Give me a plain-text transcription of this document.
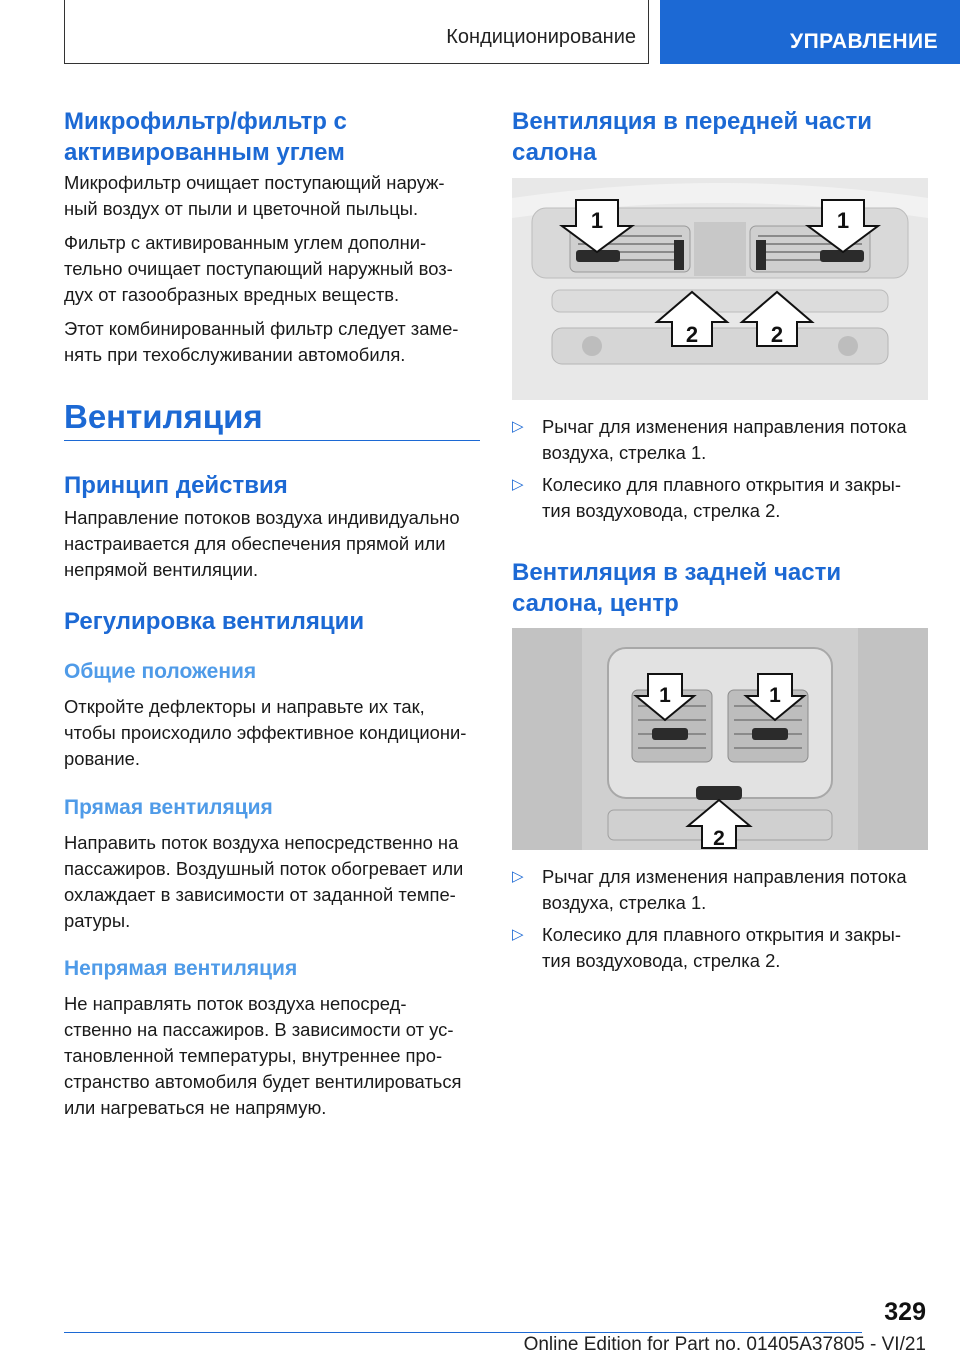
Кондиционирование	УПРАВЛЕНИЕ
Микрофильтр/фильтр с
активированным углем

Микрофильтр очищает поступающий наруж-
ный воздух от пыли и цветочной пыльцы.

Фильтр с активированным углем дополни-
тельно очищает поступающий наружный воз-
дух от газообразных вредных веществ.

Этот комбинированный фильтр следует заме-
нять при техобслуживании автомобиля.

Вентиляция
Принцип действия

Направление потоков воздуха индивидуально
настраивается для обеспечения прямой или
непрямой вентиляции.

Регулировка вентиляции
Общие положения

Откройте дефлекторы и направьте их так,
чтобы происходило эффективное кондициони-
рование.

Прямая вентиляция

Направить поток воздуха непосредственно на
пассажиров. Воздушный поток обогревает или
охлаждает в зависимости от заданной темпе-
ратуры.

Непрямая вентиляция

Не направлять поток воздуха непосред-
ственно на пассажиров. В зависимости от ус-
тановленной температуры, внутреннее про-
странство автомобиля будет вентилироваться
или нагреваться не напрямую.

Вентиляция в передней части
салона
1	1
2	2
▷ Рычаг для изменения направления потока
воздуха, стрелка 1.
▷ Колесико для плавного открытия и закры-
тия воздуховода, стрелка 2.
Вентиляция в задней части
салона, центр
1	1
2
▷ Рычаг для изменения направления потока
воздуха, стрелка 1.
▷ Колесико для плавного открытия и закры-
тия воздуховода, стрелка 2.
329
Online Edition for Part no. 01405A37805 - VI/21
